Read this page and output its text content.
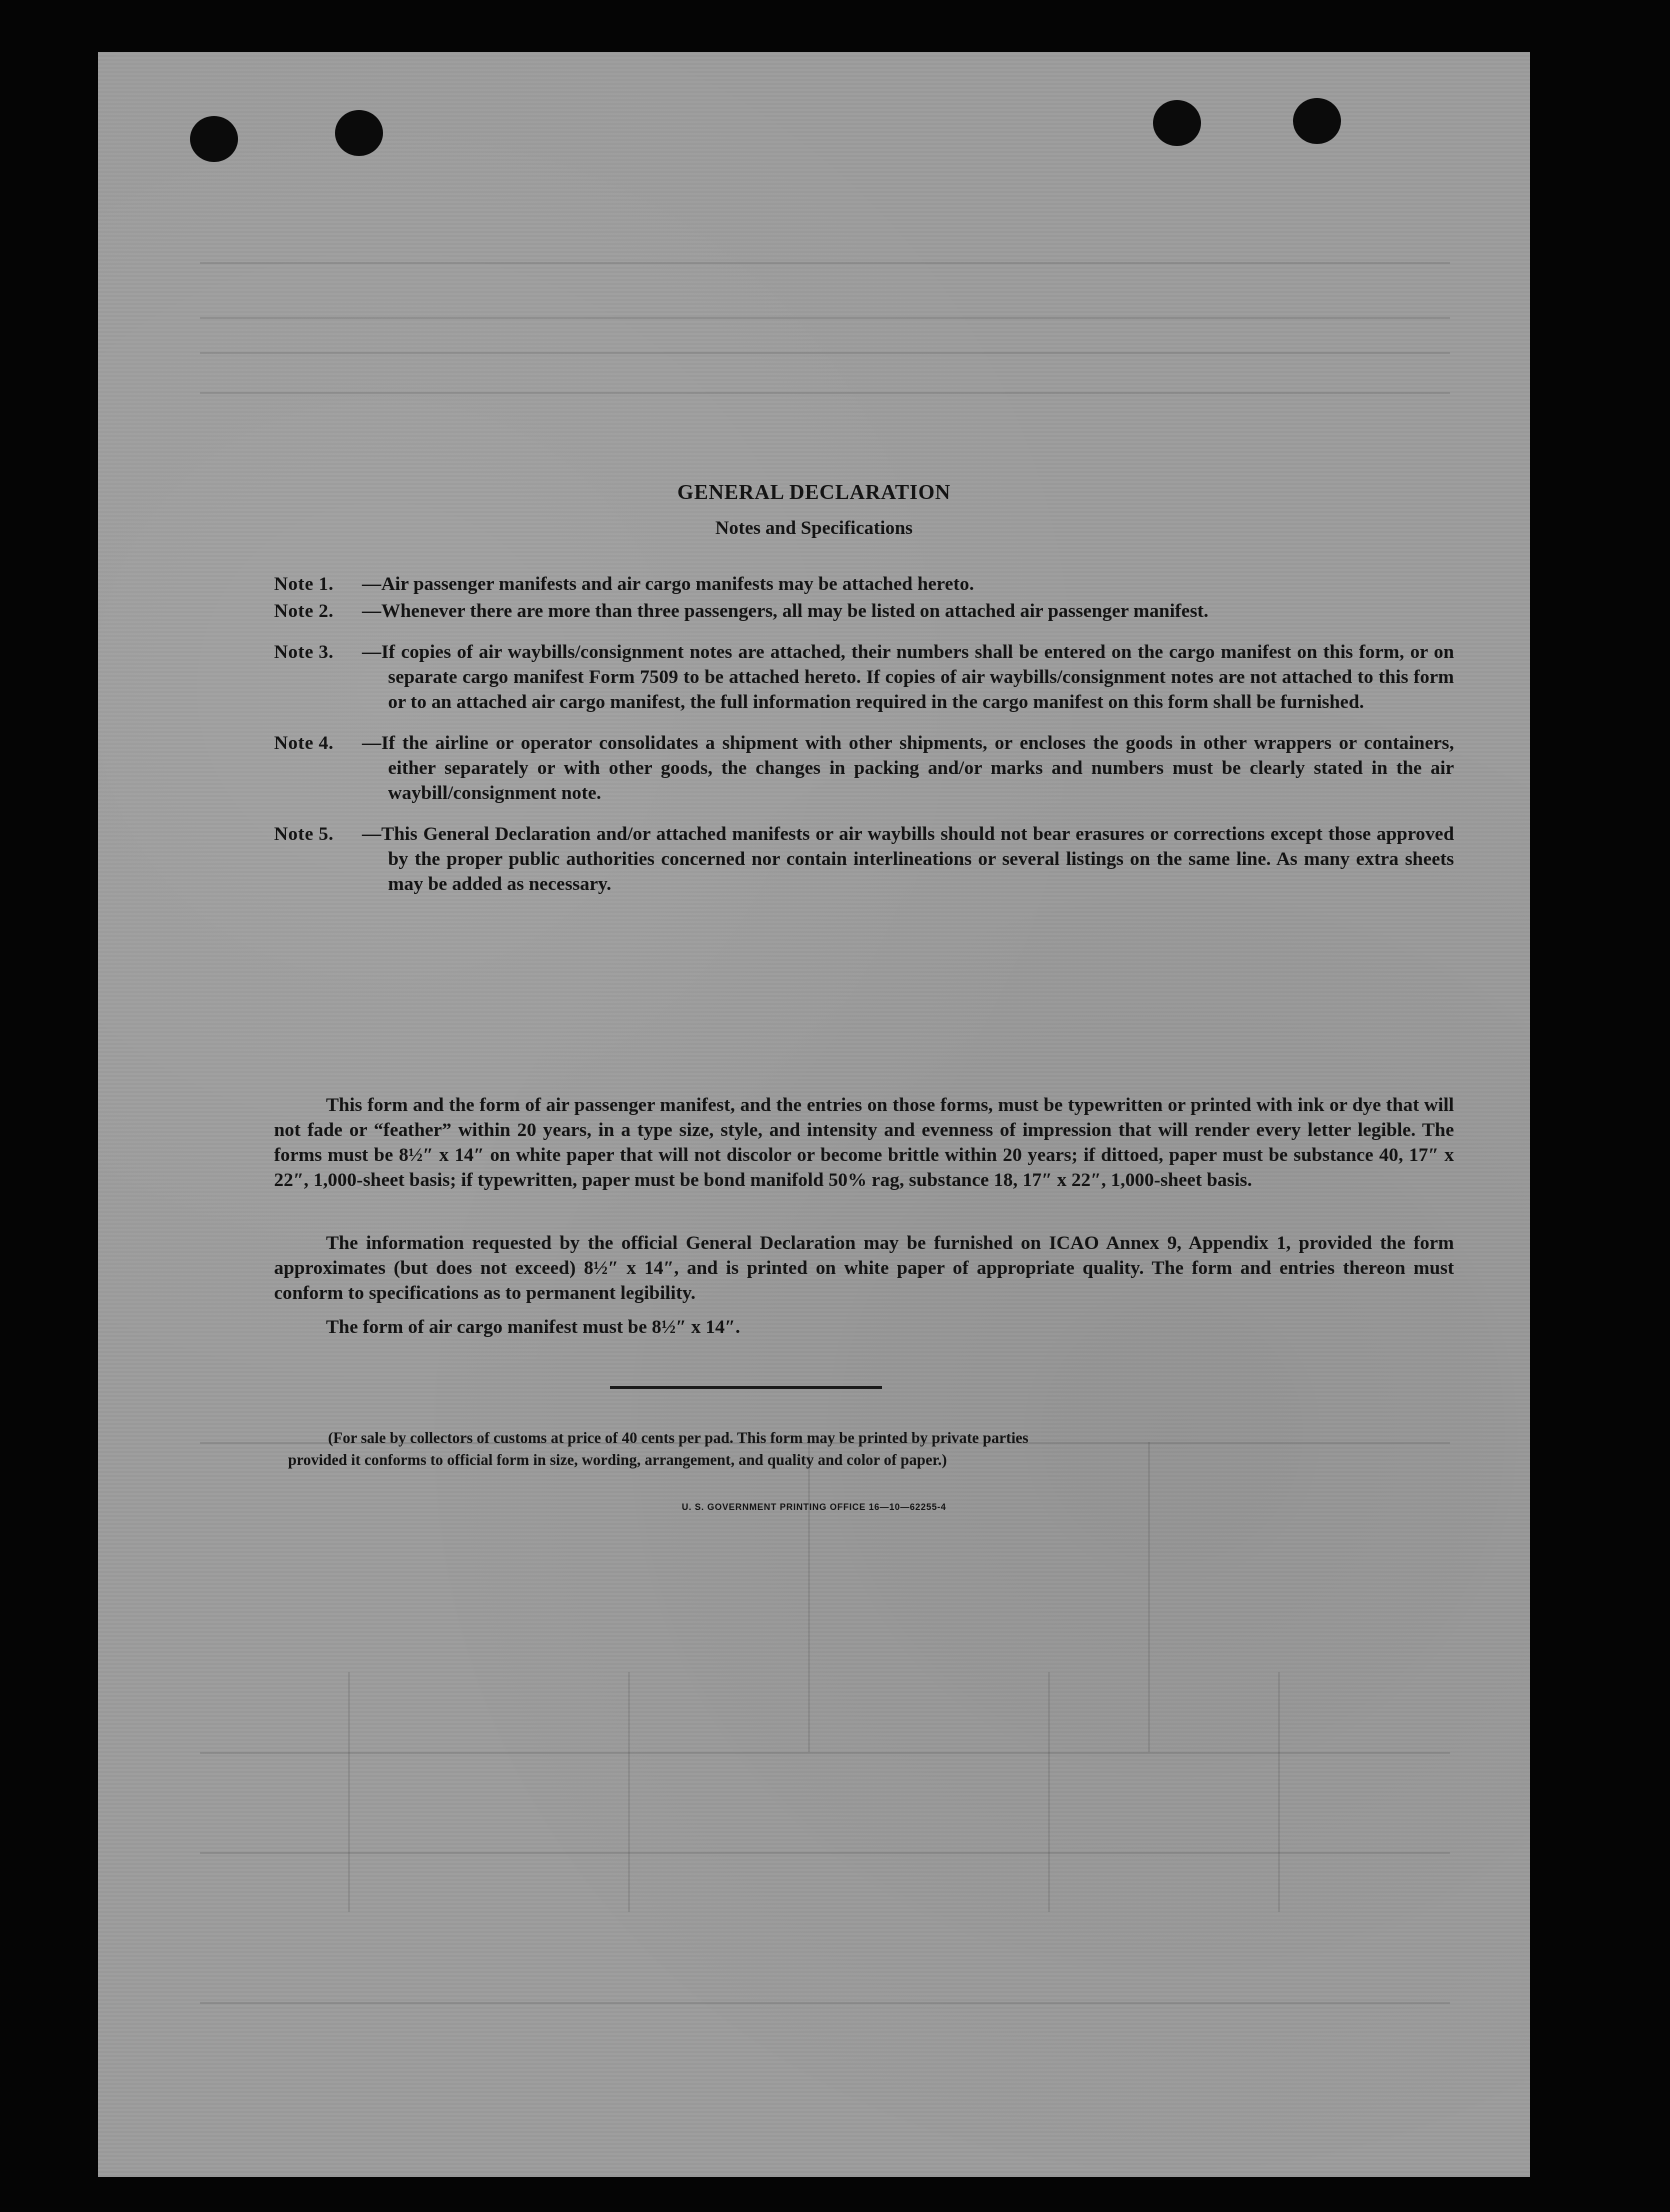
GENERAL DECLARATION
Notes and Specifications
Note 1.	—Air passenger manifests and air cargo manifests may be attached hereto.
Note 2.	—Whenever there are more than three passengers, all may be listed on attached air passenger manifest.
Note 3.	—If copies of air waybills/consignment notes are attached, their numbers shall be entered on the cargo manifest on this form, or on separate cargo manifest Form 7509 to be attached hereto. If copies of air waybills/consignment notes are not attached to this form or to an attached air cargo manifest, the full information required in the cargo manifest on this form shall be furnished.
Note 4.	—If the airline or operator consolidates a shipment with other shipments, or encloses the goods in other wrappers or containers, either separately or with other goods, the changes in packing and/or marks and numbers must be clearly stated in the air waybill/consignment note.
Note 5.	—This General Declaration and/or attached manifests or air waybills should not bear erasures or corrections except those approved by the proper public authorities concerned nor contain interlineations or several listings on the same line. As many extra sheets may be added as necessary.
This form and the form of air passenger manifest, and the entries on those forms, must be typewritten or printed with ink or dye that will not fade or “feather” within 20 years, in a type size, style, and intensity and evenness of impression that will render every letter legible. The forms must be 8½″ x 14″ on white paper that will not discolor or become brittle within 20 years; if dittoed, paper must be substance 40, 17″ x 22″, 1,000-sheet basis; if typewritten, paper must be bond manifold 50% rag, substance 18, 17″ x 22″, 1,000-sheet basis.
The information requested by the official General Declaration may be furnished on ICAO Annex 9, Appendix 1, provided the form approximates (but does not exceed) 8½″ x 14″, and is printed on white paper of appropriate quality. The form and entries thereon must conform to specifications as to permanent legibility.
The form of air cargo manifest must be 8½″ x 14″.
(For sale by collectors of customs at price of 40 cents per pad. This form may be printed by private parties
provided it conforms to official form in size, wording, arrangement, and quality and color of paper.)
U. S. GOVERNMENT PRINTING OFFICE 16—10—62255-4
